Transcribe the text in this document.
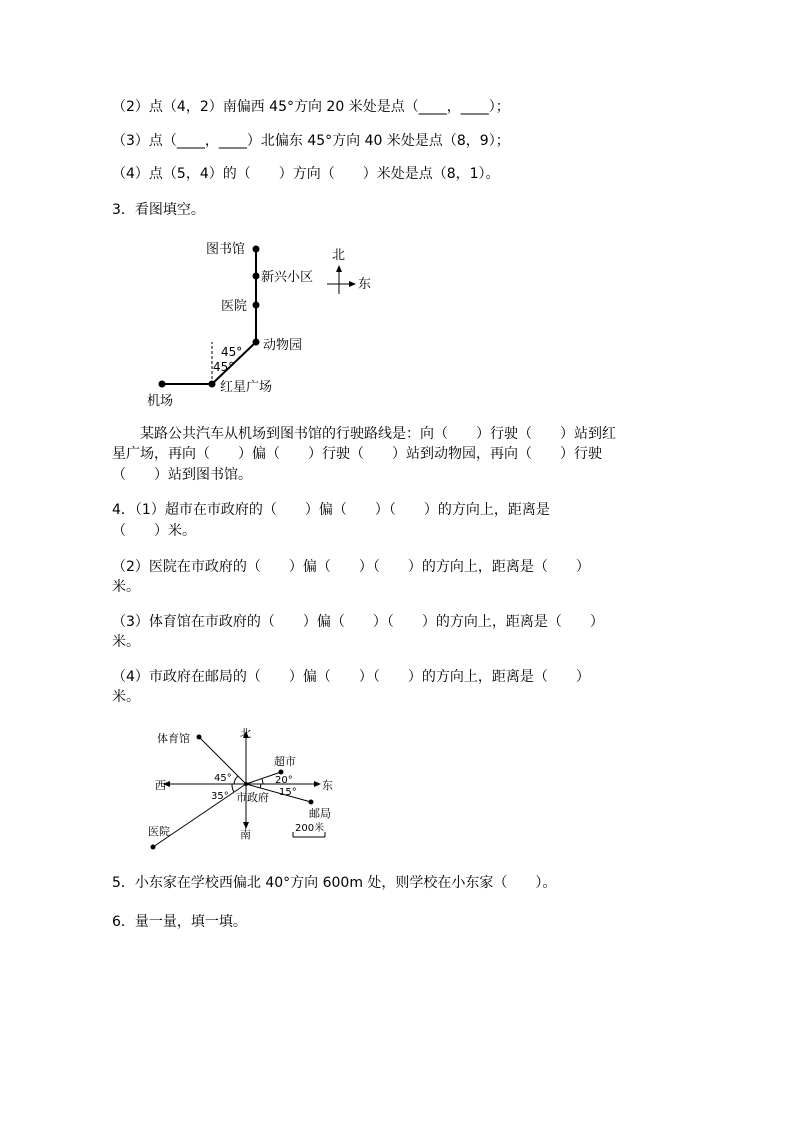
（2）点（4，2）南偏西 45°方向 20 米处是点（____，____）；
（3）点（____，____）北偏东 45°方向 40 米处是点（8，9）；
（4）点（5，4）的（　　）方向（　　）米处是点（8，1）。
3．看图填空。
图书馆
新兴小区
医院
动物园
红星广场
机场
45°
45°
北
东
某路公共汽车从机场到图书馆的行驶路线是：向（　　）行驶（　　）站到红
星广场，再向（　　）偏（　　）行驶（　　）站到动物园，再向（　　）行驶
（　　）站到图书馆。
4．（1）超市在市政府的（　　）偏（　　）（　　）的方向上，距离是
（　　）米。
（2）医院在市政府的（　　）偏（　　）（　　）的方向上，距离是（　　）
米。
（3）体育馆在市政府的（　　）偏（　　）（　　）的方向上，距离是（　　）
米。
（4）市政府在邮局的（　　）偏（　　）（　　）的方向上，距离是（　　）
米。
北
南
西	东
体育馆
超市
医院
邮局
市政府
45°
35°
20°
15°
200米
5．小东家在学校西偏北 40°方向 600m 处，则学校在小东家（　　）。
6．量一量，填一填。
